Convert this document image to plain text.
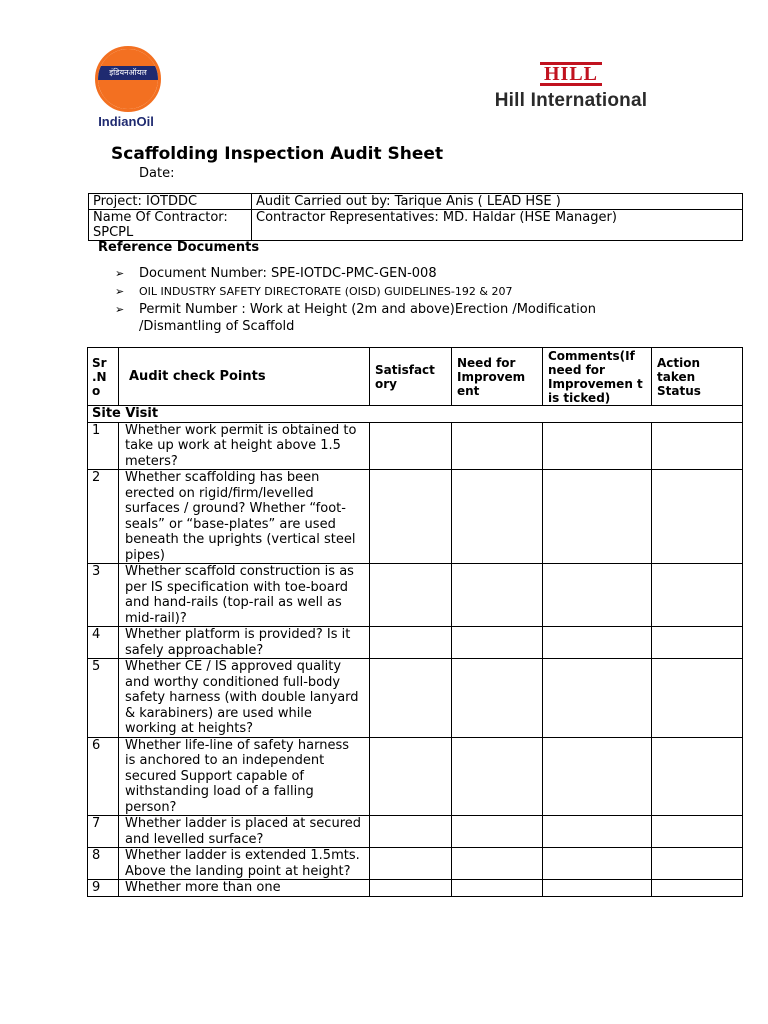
इंडियनऑयल
IndianOil
HILL
Hill International
Scaffolding Inspection Audit Sheet
Date:
Project: IOTDDC	Audit Carried out by: Tarique Anis ( LEAD HSE )
Name Of Contractor:
SPCPL	Contractor Representatives: MD. Haldar (HSE Manager)
Reference Documents
➢ Document Number: SPE-IOTDC-PMC-GEN-008
➢ OIL INDUSTRY SAFETY DIRECTORATE (OISD) GUIDELINES-192 & 207
➢ Permit Number : Work at Height (2m and above)Erection /Modification /Dismantling of Scaffold
Sr .N o	Audit check Points	Satisfact ory	Need for Improvem ent	Comments(If need for Improvemen t is ticked)	Action taken Status
Site Visit					
1	Whether work permit is obtained to take up work at height above 1.5 meters?				
2	Whether scaffolding has been erected on rigid/firm/levelled surfaces / ground? Whether “foot-seals” or “base-plates” are used beneath the uprights (vertical steel pipes)				
3	Whether scaffold construction is as per IS specification with toe-board and hand-rails (top-rail as well as mid-rail)?				
4	Whether platform is provided? Is it safely approachable?				
5	Whether CE / IS approved quality and worthy conditioned full-body safety harness (with double lanyard & karabiners) are used while working at heights?				
6	Whether life-line of safety harness is anchored to an independent secured Support capable of withstanding load of a falling person?				
7	Whether ladder is placed at secured and levelled surface?				
8	Whether ladder is extended 1.5mts. Above the landing point at height?				
9	Whether more than one				
